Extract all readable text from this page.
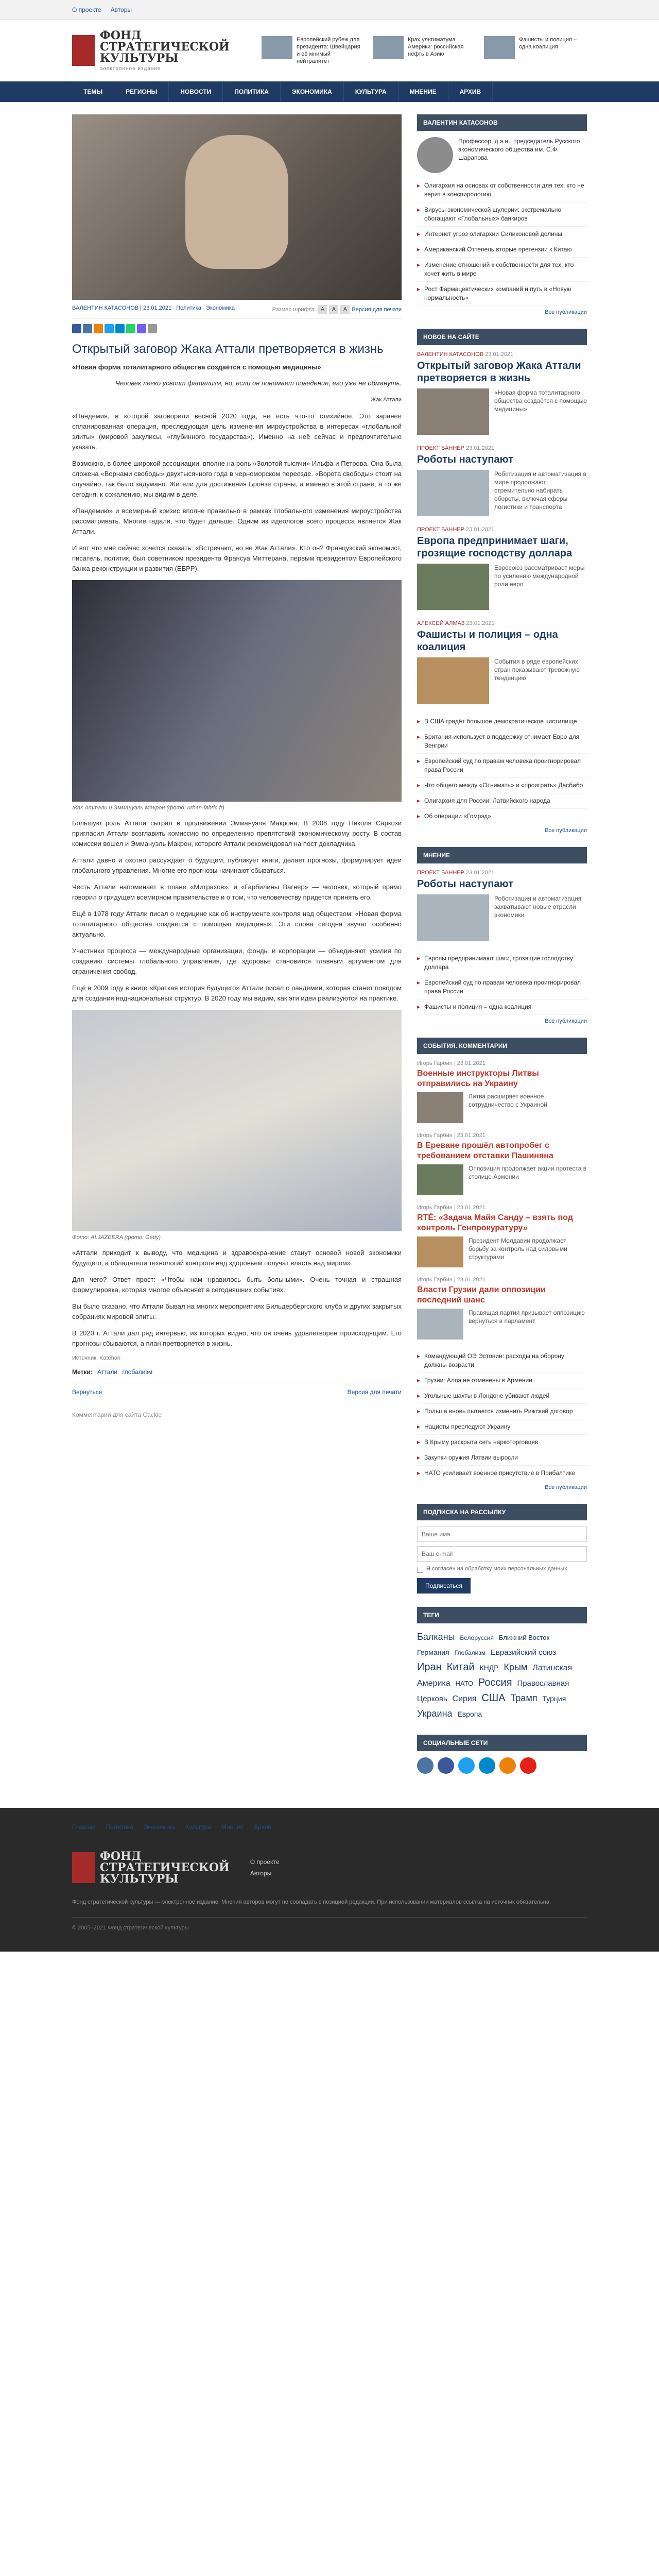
О проекте Авторы
ФОНД
СТРАТЕГИЧЕСКОЙ
КУЛЬТУРЫ
электронное издание
Европейский рубеж для президента: Швейцария и её мнимый нейтралитет
Крах ультиматума Америки: российская нефть в Азию
Фашисты и полиция – одна коалиция
ТЕМЫ	РЕГИОНЫ	НОВОСТИ	ПОЛИТИКА	ЭКОНОМИКА	КУЛЬТУРА	МНЕНИЕ	АРХИВ
ВАЛЕНТИН КАТАСОНОВ | 23.01.2021 Политика Экономика	Размер шрифта: A	A	A Версия для печати
Открытый заговор Жака Аттали претворяется в жизнь
«Новая форма тоталитарного общества создаётся с помощью медицины»

Человек легко усвоит фатализм, но, если он понимает поведение, его уже не обмануть.

Жак Аттали

«Пандемия, в которой заговорили весной 2020 года, не есть что-то стихийное. Это заранее спланированная операция, преследующая цель изменения мироустройства в интересах «глобальной элиты» (мировой закулисы, «глубинного государства»). Именно на неё сейчас и предпочтительно указать.

Возможно, в более широкой ассоциации, вполне на роль «Золотой тысячи» Ильфа и Петрова. Она была сложена «Ворнами свободы» двухтысячного года в черноморском переезде. «Ворота свободы» стоит на случайно, так было задумано. Жители для достижения Бронзе страны, а именно в этой стране, а то же сегодня, к сожалению, мы видим в деле.

«Пандемию» и всемирный кризис вполне правильно в рамках глобального изменения мироустройства рассматривать. Многие гадали, что будет дальше. Одним из идеологов всего процесса является Жак Аттали.

И вот что мне сейчас хочется сказать: «Встречают, но не Жак Аттали». Кто он? Французский экономист, писатель, политик, был советником президента Франсуа Миттерана, первым президентом Европейского банка реконструкции и развития (ЕБРР).

Жак Аттали и Эммануэль Макрон (фото: urban-fabric.fr)

Большую роль Аттали сыграл в продвижении Эммануэля Макрона. В 2008 году Николя Саркози пригласил Аттали возглавить комиссию по определению препятствий экономическому росту. В состав комиссии вошел и Эммануэль Макрон, которого Аттали рекомендовал на пост докладчика.

Аттали давно и охотно рассуждает о будущем, публикует книги, делает прогнозы, формулирует идеи глобального управления. Многие его прогнозы начинают сбываться.

Честь Аттали напоминает в плане «Митрахов», и «Гарбилины Вагнер» — человек, который прямо говорил о грядущем всемирном правительстве и о том, что человечеству придется принять его.

Ещё в 1978 году Аттали писал о медицине как об инструменте контроля над обществом: «Новая форма тоталитарного общества создаётся с помощью медицины». Эти слова сегодня звучат особенно актуально.

Участники процесса — международные организации, фонды и корпорации — объединяют усилия по созданию системы глобального управления, где здоровье становится главным аргументом для ограничения свобод.

Ещё в 2009 году в книге «Краткая история будущего» Аттали писал о пандемии, которая станет поводом для создания наднациональных структур. В 2020 году мы видим, как эти идеи реализуются на практике.

Фото: ALJAZEERA (фото: Getty)

«Аттали приходит к выводу, что медицина и здравоохранение станут основой новой экономики будущего, а обладатели технологий контроля над здоровьем получат власть над миром».

Для чего? Ответ прост: «Чтобы нам нравилось быть больными». Очень точная и страшная формулировка, которая многое объясняет в сегодняшних событиях.

Вы было сказано, что Аттали бывал на многих мероприятиях Бильдербергского клуба и других закрытых собраниях мировой элиты.

В 2020 г. Аттали дал ряд интервью, из которых видно, что он очень удовлетворен происходящим. Его прогнозы сбываются, а план претворяется в жизнь.

Источник: Katehon
Метки: Аттали глобализм
Вернуться	Версия для печати
Комментарии для сайта Cackle
ВАЛЕНТИН КАТАСОНОВ
Профессор, д.э.н., председатель Русского экономического общества им. С.Ф. Шарапова
▸ Олигархия на основах от собственности для тех, кто не верит в конспирологию
▸ Вирусы экономической шулерии: экстремально обогащают «Глобальных» банкиров
▸ Интернет угроз олигархии Силиконовой долины
▸ Американский Оттепель вторые претензии к Китаю
▸ Изменение отношений к собственности для тех, кто хочет жить в мире
▸ Рост Фармацевтических компаний и путь в «Новую нормальность»
Все публикации
НОВОЕ НА САЙТЕ
ВАЛЕНТИН КАТАСОНОВ 23.01.2021
Открытый заговор Жака Аттали претворяется в жизнь
«Новая форма тоталитарного общества создаётся с помощью медицины»
ПРОЕКТ БАННЕР 23.01.2021
Роботы наступают
Роботизация и автоматизация в мире продолжают стремительно набирать обороты, включая сферы логистики и транспорта
ПРОЕКТ БАННЕР 23.01.2021
Европа предпринимает шаги, грозящие господству доллара
Евросоюз рассматривает меры по усилению международной роли евро
АЛЕКСЕЙ АЛМАЗ 23.01.2021
Фашисты и полиция – одна коалиция
События в ряде европейских стран показывают тревожную тенденцию
▸ В США грядёт большое демократическое чистилище
▸ Британия использует в поддержку отнимает Евро для Венгрии
▸ Европейский суд по правам человека проигнорировал права России
▸ Что общего между «Отнимать» и «проиграть» Дасбибо
▸ Олигархия для России: Латвийского народа
▸ Об операции «Гомрэд»
Все публикации
МНЕНИЕ
ПРОЕКТ БАННЕР 23.01.2021
Роботы наступают
Роботизация и автоматизация захватывают новые отрасли экономики
▸ Европы предпринимают шаги, грозящие господству доллара
▸ Европейский суд по правам человека проигнорировал права России
▸ Фашисты и полиция – одна коалиция
Все публикации
СОБЫТИЯ. КОММЕНТАРИИ
Игорь Гарбин | 23.01.2021
Военные инструкторы Литвы отправились на Украину
Литва расширяет военное сотрудничество с Украиной
Игорь Гарбин | 23.01.2021
В Ереване прошёл автопробег с требованием отставки Пашиняна
Оппозиция продолжает акции протеста в столице Армении
Игорь Гарбин | 23.01.2021
RTÉ: «Задача Майя Санду – взять под контроль Генпрокуратуру»
Президент Молдавии продолжает борьбу за контроль над силовыми структурами
Игорь Гарбин | 23.01.2021
Власти Грузии дали оппозиции последний шанс
Правящая партия призывает оппозицию вернуться в парламент
▸ Командующий ОЭ Эстонии: расходы на оборону должны возрасти
▸ Грузии: Алоэ не отменены в Армении
▸ Угольные шахты в Лондоне убивают людей
▸ Польша вновь пытается изменить Рижский договор
▸ Нацисты преследуют Украину
▸ В Крыму раскрыта сеть наркоторговцев
▸ Закупки оружия Латвии выросли
▸ НАТО усиливает военное присутствие в Прибалтике
Все публикации
ПОДПИСКА НА РАССЫЛКУ
Ваше имя Ваш e-mail
Я согласен на обработку моих персональных данных
Подписаться
ТЕГИ
Балканы Белоруссия Ближний Восток Германия Глобализм Евразийский союз Иран Китай КНДР Крым Латинская Америка НАТО Россия Православная Церковь Сирия США Трамп Турция Украина Европа
СОЦИАЛЬНЫЕ СЕТИ
Главная Политика Экономика Культура Мнение Архив
ФОНД
СТРАТЕГИЧЕСКОЙ
КУЛЬТУРЫ
О проекте
Авторы
Фонд стратегической культуры — электронное издание. Мнения авторов могут не совпадать с позицией редакции. При использовании материалов ссылка на источник обязательна.
© 2005–2021 Фонд стратегической культуры
